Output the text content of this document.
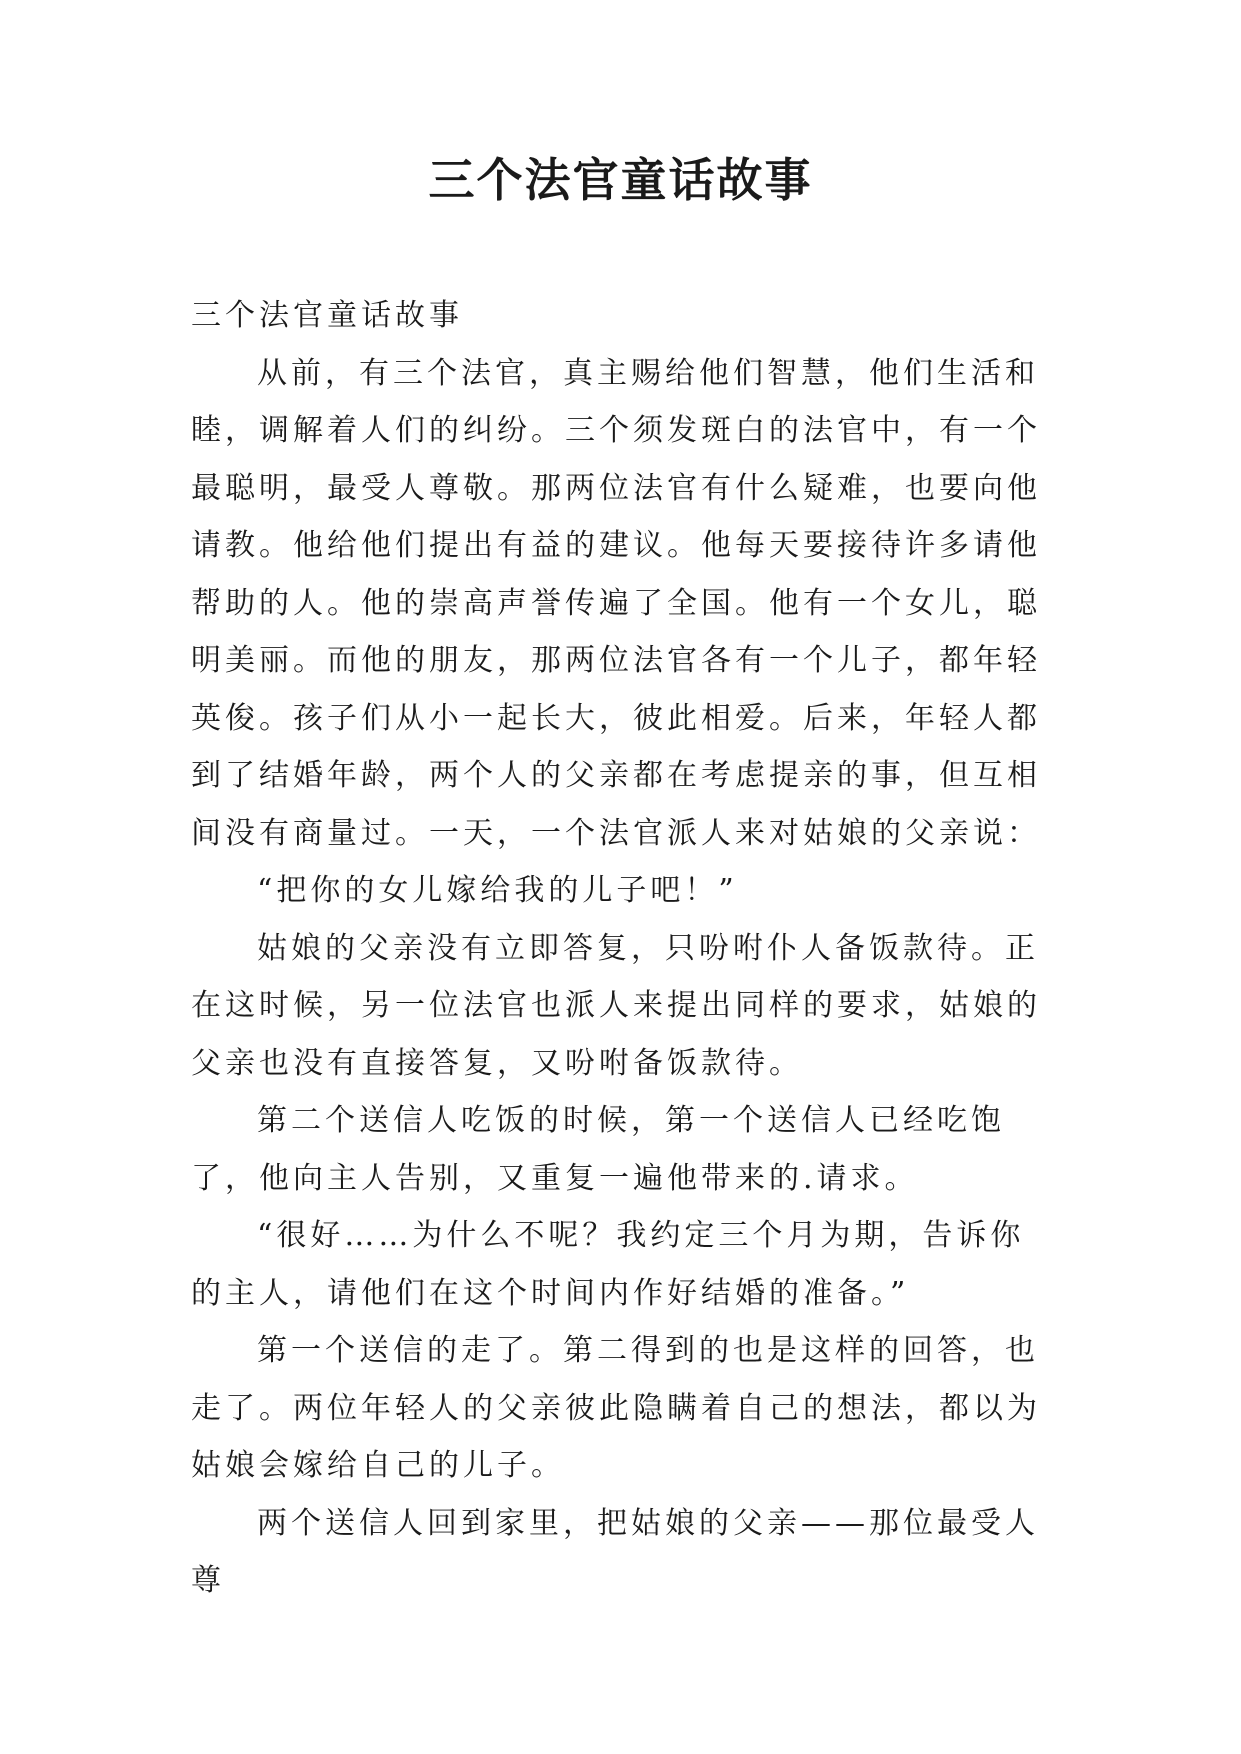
三个法官童话故事

三个法官童话故事

从前，有三个法官，真主赐给他们智慧，他们生活和睦，调解着人们的纠纷。三个须发斑白的法官中，有一个最聪明，最受人尊敬。那两位法官有什么疑难，也要向他请教。他给他们提出有益的建议。他每天要接待许多请他帮助的人。他的崇高声誉传遍了全国。他有一个女儿，聪明美丽。而他的朋友，那两位法官各有一个儿子，都年轻英俊。孩子们从小一起长大，彼此相爱。后来，年轻人都到了结婚年龄，两个人的父亲都在考虑提亲的事，但互相间没有商量过。一天，一个法官派人来对姑娘的父亲说：

“把你的女儿嫁给我的儿子吧！”

姑娘的父亲没有立即答复，只吩咐仆人备饭款待。正在这时候，另一位法官也派人来提出同样的要求，姑娘的父亲也没有直接答复，又吩咐备饭款待。

第二个送信人吃饭的时候，第一个送信人已经吃饱了，他向主人告别，又重复一遍他带来的.请求。

“很好……为什么不呢？我约定三个月为期，告诉你的主人，请他们在这个时间内作好结婚的准备。”

第一个送信的走了。第二得到的也是这样的回答，也走了。两位年轻人的父亲彼此隐瞒着自己的想法，都以为姑娘会嫁给自己的儿子。

两个送信人回到家里，把姑娘的父亲——那位最受人尊
